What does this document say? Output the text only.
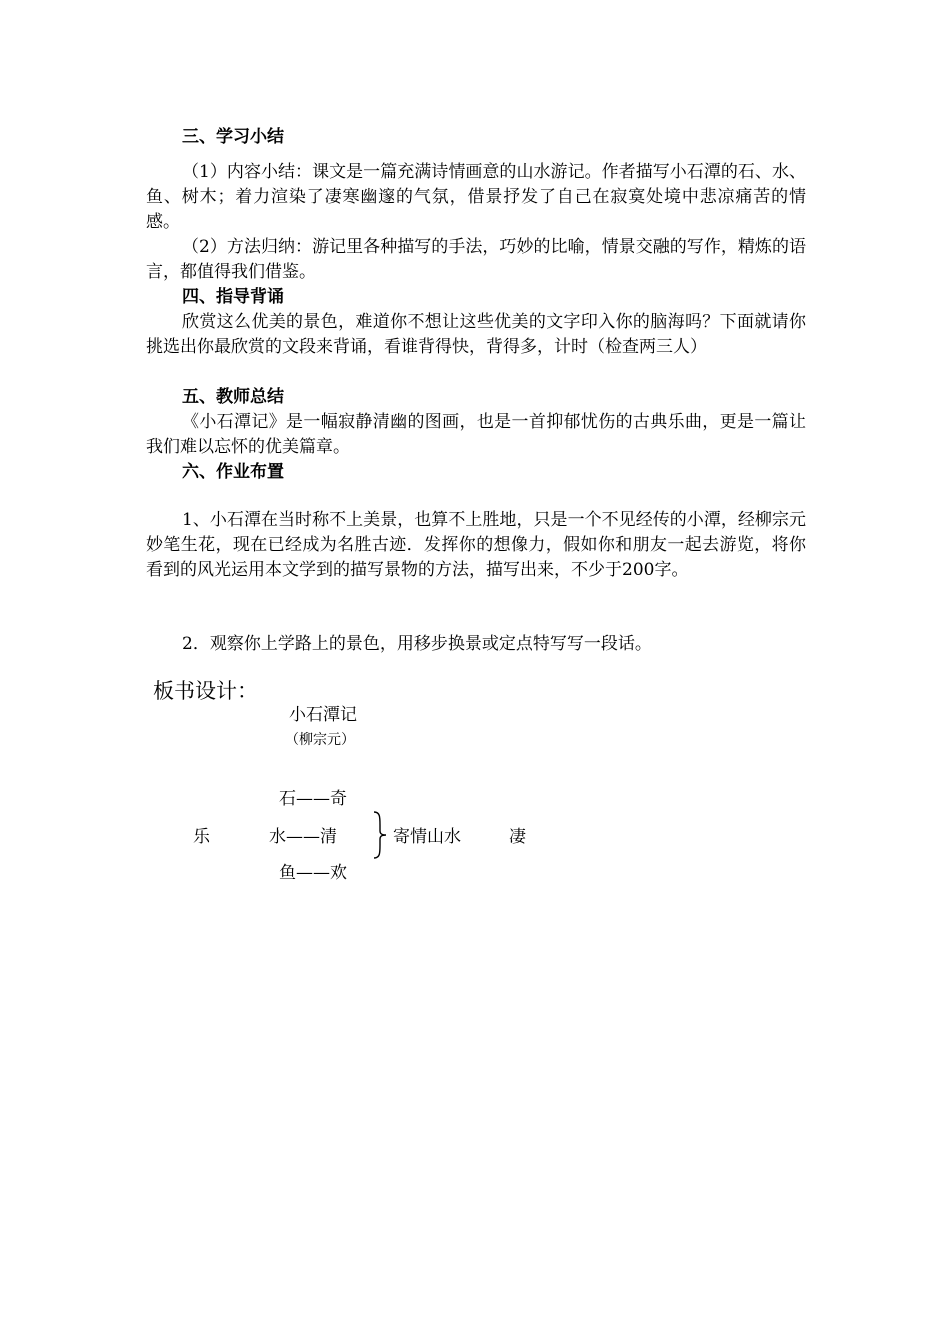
三、学习小结
（1）内容小结：课文是一篇充满诗情画意的山水游记。作者描写小石潭的石、水、鱼、树木；着力渲染了凄寒幽邃的气氛，借景抒发了自己在寂寞处境中悲凉痛苦的情感。
（2）方法归纳：游记里各种描写的手法，巧妙的比喻，情景交融的写作，精炼的语言，都值得我们借鉴。
四、指导背诵
欣赏这么优美的景色，难道你不想让这些优美的文字印入你的脑海吗？下面就请你挑选出你最欣赏的文段来背诵，看谁背得快，背得多，计时（检查两三人）
五、教师总结
《小石潭记》是一幅寂静清幽的图画，也是一首抑郁忧伤的古典乐曲，更是一篇让我们难以忘怀的优美篇章。
六、作业布置
1、小石潭在当时称不上美景，也算不上胜地，只是一个不见经传的小潭，经柳宗元妙笔生花，现在已经成为名胜古迹．发挥你的想像力，假如你和朋友一起去游览，将你看到的风光运用本文学到的描写景物的方法，描写出来，不少于200字。
2．观察你上学路上的景色，用移步换景或定点特写写一段话。
板书设计：
小石潭记
（柳宗元）
石——奇
乐	水——清	寄情山水	凄
鱼——欢
